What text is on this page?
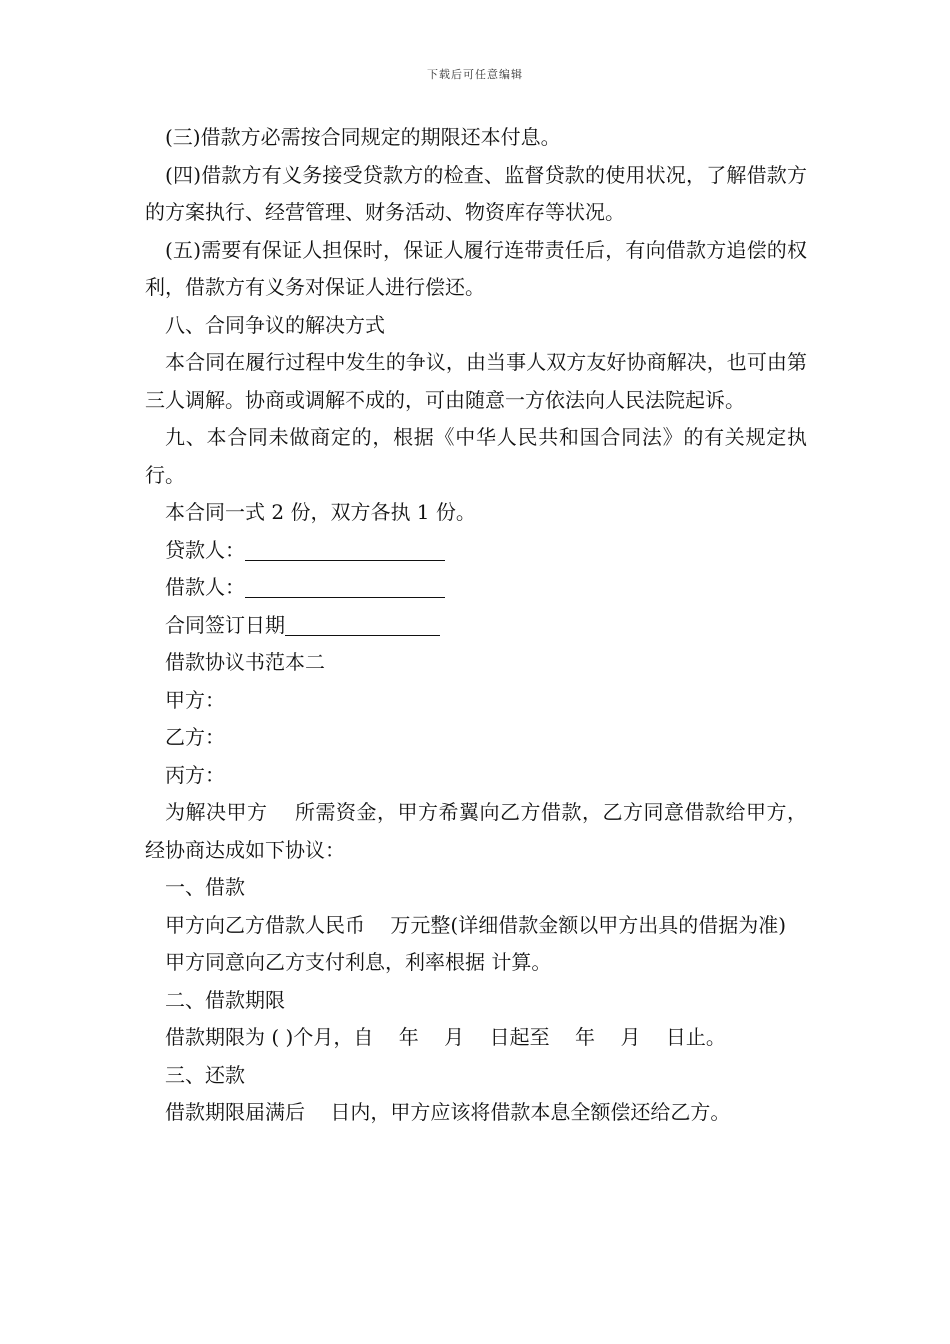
下载后可任意编辑

(三)借款方必需按合同规定的期限还本付息。

(四)借款方有义务接受贷款方的检查、监督贷款的使用状况，了解借款方的方案执行、经营管理、财务活动、物资库存等状况。

(五)需要有保证人担保时，保证人履行连带责任后，有向借款方追偿的权利，借款方有义务对保证人进行偿还。

八、合同争议的解决方式

本合同在履行过程中发生的争议，由当事人双方友好协商解决，也可由第三人调解。协商或调解不成的，可由随意一方依法向人民法院起诉。

九、本合同未做商定的，根据《中华人民共和国合同法》的有关规定执行。

本合同一式 2 份，双方各执 1 份。

贷款人：

借款人：

合同签订日期

借款协议书范本二

甲方：

乙方：

丙方：

为解决甲方    所需资金，甲方希翼向乙方借款，乙方同意借款给甲方，经协商达成如下协议：

一、借款

甲方向乙方借款人民币    万元整(详细借款金额以甲方出具的借据为准)

甲方同意向乙方支付利息，利率根据 计算。

二、借款期限

借款期限为 ( )个月，自    年    月    日起至    年    月    日止。

三、还款

借款期限届满后    日内，甲方应该将借款本息全额偿还给乙方。
